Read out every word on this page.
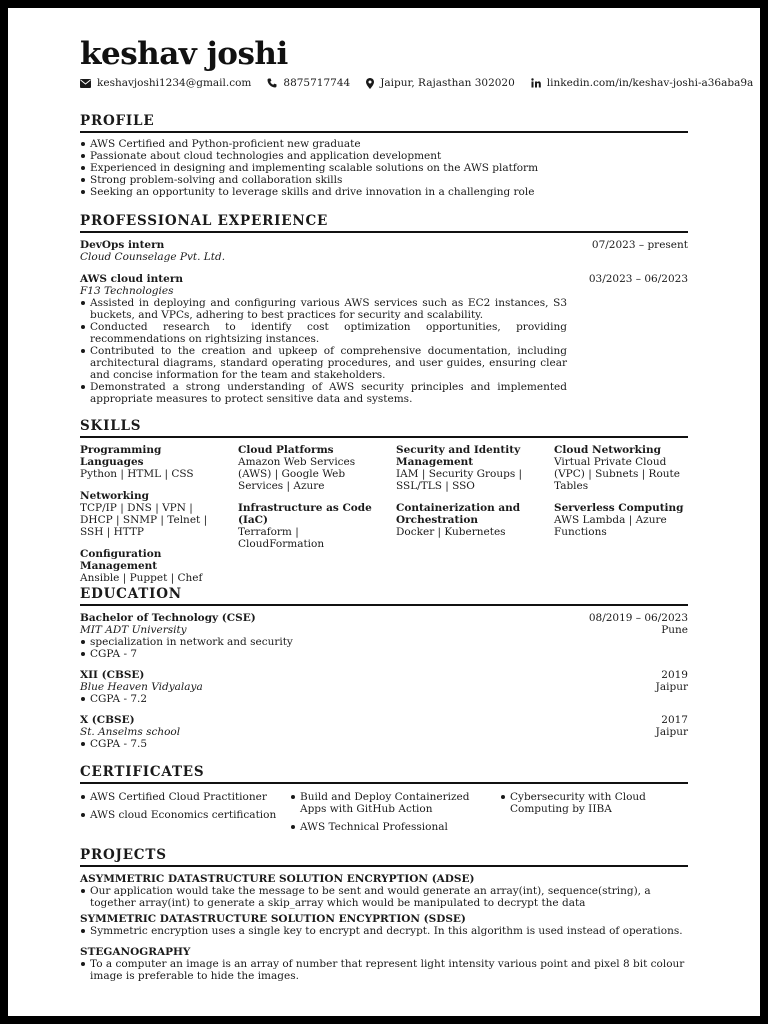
keshav joshi
keshavjoshi1234@gmail.com	8875717744	Jaipur, Rajasthan 302020	linkedin.com/in/keshav-joshi-a36aba9a
PROFILE
AWS Certified and Python-proficient new graduate
Passionate about cloud technologies and application development
Experienced in designing and implementing scalable solutions on the AWS platform
Strong problem-solving and collaboration skills
Seeking an opportunity to leverage skills and drive innovation in a challenging role
PROFESSIONAL EXPERIENCE
DevOps intern	07/2023 – present
Cloud Counselage Pvt. Ltd.
AWS cloud intern	03/2023 – 06/2023
F13 Technologies
Assisted in deploying and configuring various AWS services such as EC2 instances, S3 buckets, and VPCs, adhering to best practices for security and scalability.
Conducted research to identify cost optimization opportunities, providing recommendations on rightsizing instances.
Contributed to the creation and upkeep of comprehensive documentation, including architectural diagrams, standard operating procedures, and user guides, ensuring clear and concise information for the team and stakeholders.
Demonstrated a strong understanding of AWS security principles and implemented appropriate measures to protect sensitive data and systems.
SKILLS
Programming Languages
Python | HTML | CSS
Networking
TCP/IP | DNS | VPN | DHCP | SNMP | Telnet | SSH | HTTP
Configuration Management
Ansible | Puppet | Chef
Cloud Platforms
Amazon Web Services (AWS) | Google Web Services | Azure
Infrastructure as Code (IaC)
Terraform | CloudFormation
Security and Identity Management
IAM | Security Groups | SSL/TLS | SSO
Containerization and Orchestration
Docker | Kubernetes
Cloud Networking
Virtual Private Cloud (VPC) | Subnets | Route Tables
Serverless Computing
AWS Lambda | Azure Functions
EDUCATION
Bachelor of Technology (CSE)	08/2019 – 06/2023
MIT ADT University	Pune
specialization in network and security
CGPA - 7
XII (CBSE)	2019
Blue Heaven Vidyalaya	Jaipur
CGPA - 7.2
X (CBSE)	2017
St. Anselms school	Jaipur
CGPA - 7.5
CERTIFICATES
AWS Certified Cloud Practitioner
AWS cloud Economics certification
Build and Deploy Containerized Apps with GitHub Action
AWS Technical Professional
Cybersecurity with Cloud Computing by IIBA
PROJECTS
ASYMMETRIC DATASTRUCTURE SOLUTION ENCRYPTION (ADSE)
Our application would take the message to be sent and would generate an array(int), sequence(string), a together array(int) to generate a skip_array which would be manipulated to decrypt the data
SYMMETRIC DATASTRUCTURE SOLUTION ENCYPRTION (SDSE)
Symmetric encryption uses a single key to encrypt and decrypt. In this algorithm is used instead of operations.
STEGANOGRAPHY
To a computer an image is an array of number that represent light intensity various point and pixel 8 bit colour image is preferable to hide the images.
